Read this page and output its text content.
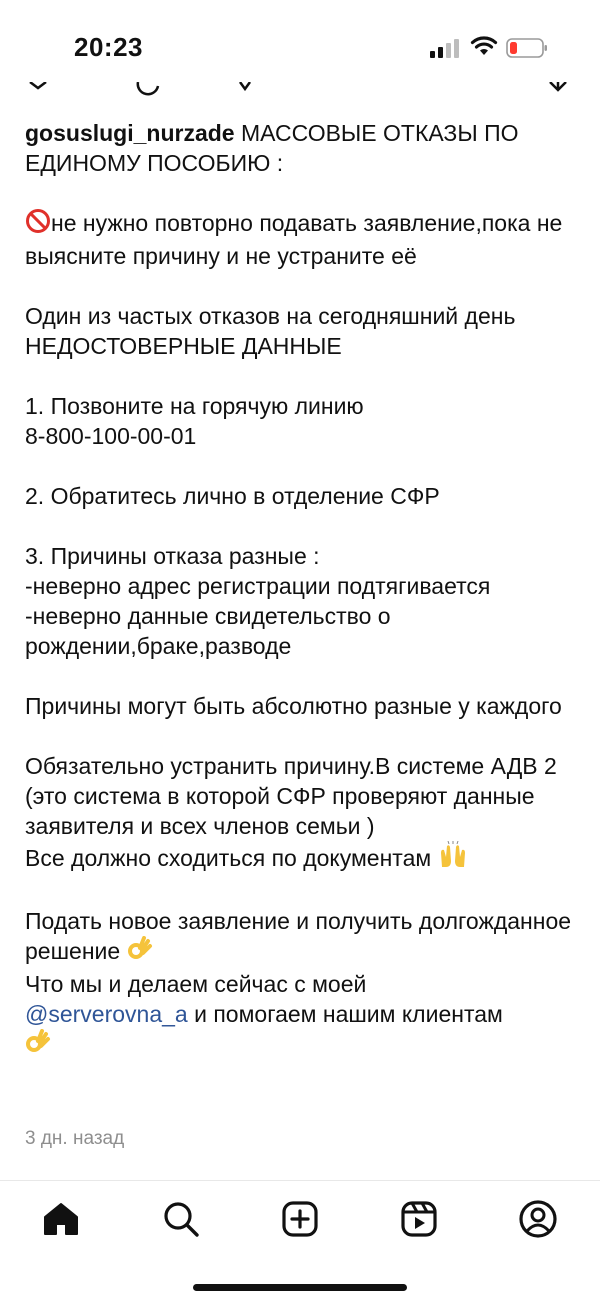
20:23

gosuslugi_nurzade МАССОВЫЕ ОТКАЗЫ ПО ЕДИНОМУ ПОСОБИЮ :

не нужно повторно подавать заявление,пока не выясните причину и не устраните её

Один из частых отказов на сегодняшний день

НЕДОСТОВЕРНЫЕ ДАННЫЕ

1. Позвоните на горячую линию

8-800-100-00-01

2. Обратитесь лично в отделение СФР

3. Причины отказа разные :

-неверно адрес регистрации подтягивается

-неверно данные свидетельство о рождении,браке,разводе

Причины могут быть абсолютно разные у каждого

Обязательно устранить причину.В системе АДВ 2 (это система в которой СФР проверяют данные заявителя и всех членов семьи )

Все должно сходиться по документам

Подать новое заявление и получить долгожданное решение

Что мы и делаем сейчас с моей

@serverovna_a и помогаем нашим клиентам

3 дн. назад
